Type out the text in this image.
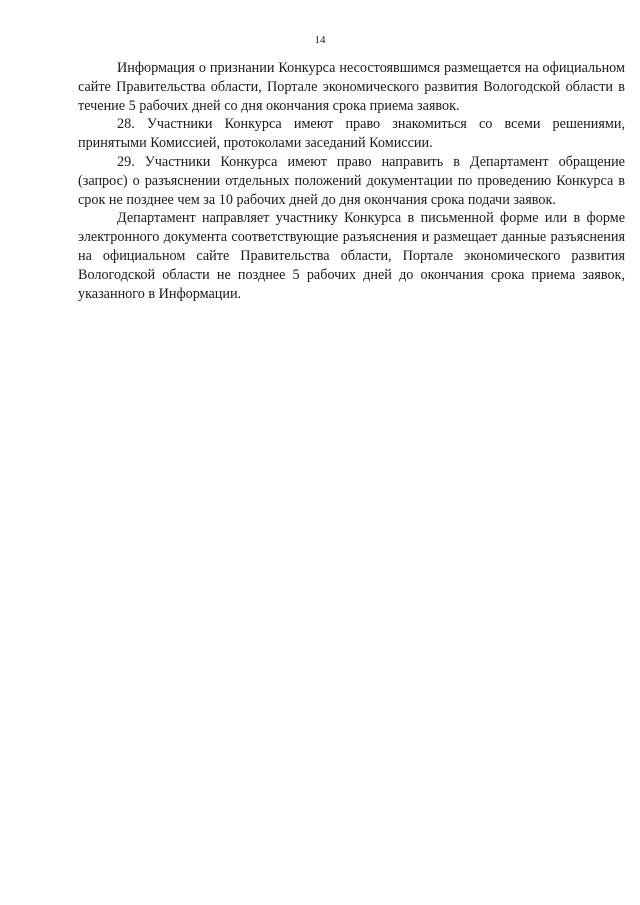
14

Информация о признании Конкурса несостоявшимся размещается на официальном сайте Правительства области, Портале экономического развития Вологодской области в течение 5 рабочих дней со дня окончания срока приема заявок.

28. Участники Конкурса имеют право знакомиться со всеми решениями, принятыми Комиссией, протоколами заседаний Комиссии.

29. Участники Конкурса имеют право направить в Департамент обращение (запрос) о разъяснении отдельных положений документации по проведению Конкурса в срок не позднее чем за 10 рабочих дней до дня окончания срока подачи заявок.

Департамент направляет участнику Конкурса в письменной форме или в форме электронного документа соответствующие разъяснения и размещает данные разъяснения на официальном сайте Правительства области, Портале экономического развития Вологодской области не позднее 5 рабочих дней до окончания срока приема заявок, указанного в Информации.
